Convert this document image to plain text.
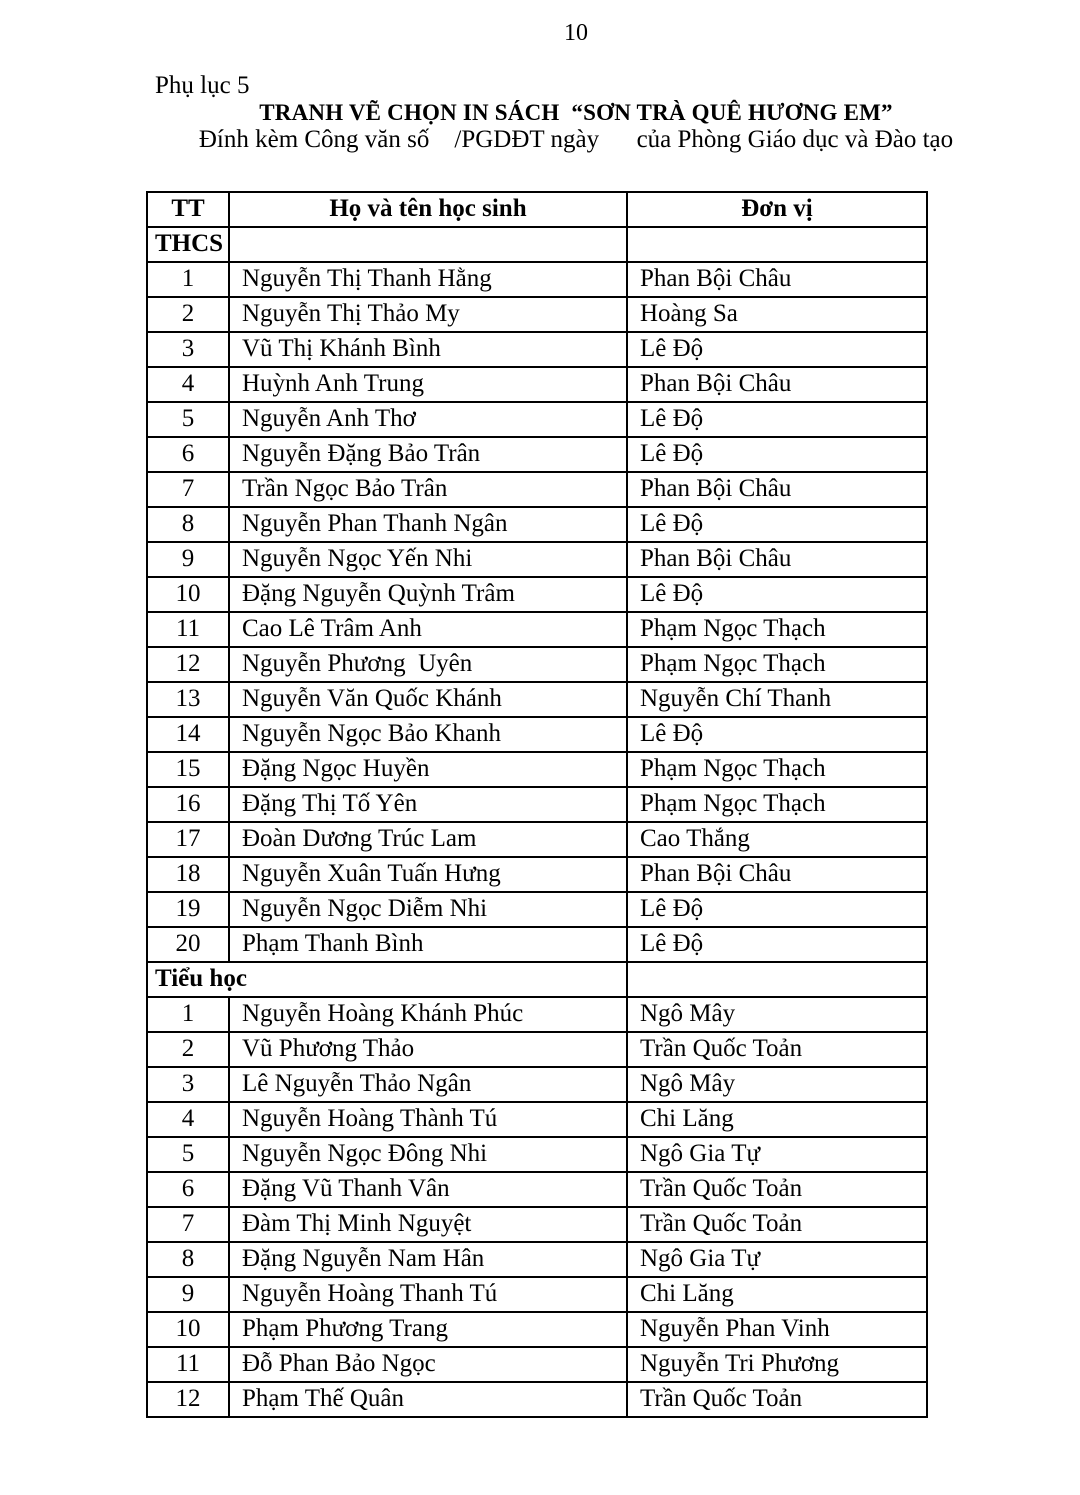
10
Phụ lục 5
TRANH VẼ CHỌN IN SÁCH  “SƠN TRÀ QUÊ HƯƠNG EM”
Đính kèm Công văn số    /PGDĐT ngày      của Phòng Giáo dục và Đào tạo
TT	Họ và tên học sinh	Đơn vị
THCS		
1	Nguyễn Thị Thanh Hằng	Phan Bội Châu
2	Nguyễn Thị Thảo My	Hoàng Sa
3	Vũ Thị Khánh Bình	Lê Độ
4	Huỳnh Anh Trung	Phan Bội Châu
5	Nguyễn Anh Thơ	Lê Độ
6	Nguyễn Đặng Bảo Trân	Lê Độ
7	Trần Ngọc Bảo Trân	Phan Bội Châu
8	Nguyễn Phan Thanh Ngân	Lê Độ
9	Nguyễn Ngọc Yến Nhi	Phan Bội Châu
10	Đặng Nguyễn Quỳnh Trâm	Lê Độ
11	Cao Lê Trâm Anh	Phạm Ngọc Thạch
12	Nguyễn Phương  Uyên	Phạm Ngọc Thạch
13	Nguyễn Văn Quốc Khánh	Nguyễn Chí Thanh
14	Nguyễn Ngọc Bảo Khanh	Lê Độ
15	Đặng Ngọc Huyền	Phạm Ngọc Thạch
16	Đặng Thị Tố Yên	Phạm Ngọc Thạch
17	Đoàn Dương Trúc Lam	Cao Thắng
18	Nguyễn Xuân Tuấn Hưng	Phan Bội Châu
19	Nguyễn Ngọc Diễm Nhi	Lê Độ
20	Phạm Thanh Bình	Lê Độ
Tiểu học		
1	Nguyễn Hoàng Khánh Phúc	Ngô Mây
2	Vũ Phương Thảo	Trần Quốc Toản
3	Lê Nguyễn Thảo Ngân	Ngô Mây
4	Nguyễn Hoàng Thành Tú	Chi Lăng
5	Nguyễn Ngọc Đông Nhi	Ngô Gia Tự
6	Đặng Vũ Thanh Vân	Trần Quốc Toản
7	Đàm Thị Minh Nguyệt	Trần Quốc Toản
8	Đặng Nguyễn Nam Hân	Ngô Gia Tự
9	Nguyễn Hoàng Thanh Tú	Chi Lăng
10	Phạm Phương Trang	Nguyễn Phan Vinh
11	Đỗ Phan Bảo Ngọc	Nguyễn Tri Phương
12	Phạm Thế Quân	Trần Quốc Toản
